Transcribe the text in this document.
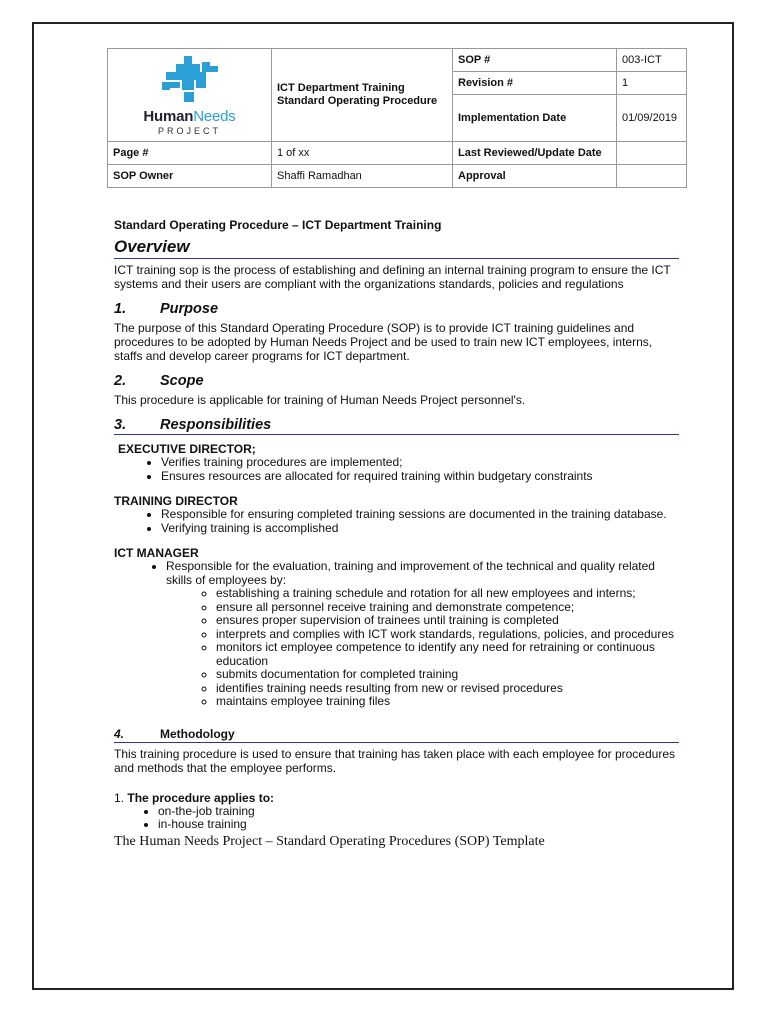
HumanNeeds
PROJECT	ICT Department Training Standard Operating Procedure	SOP #	003-ICT
		Revision #	1
		Implementation Date	01/09/2019
Page #	1 of xx	Last Reviewed/Update Date	
SOP Owner	Shaffi Ramadhan	Approval	

Standard Operating Procedure – ICT Department Training

Overview

ICT training sop is the process of establishing and defining an internal training program to ensure the ICT systems and their users are compliant with the organizations standards, policies and regulations

1.	Purpose

The purpose of this Standard Operating Procedure (SOP) is to provide ICT training guidelines and procedures to be adopted by Human Needs Project and be used to train new ICT employees, interns, staffs and develop career programs for ICT department.

2.	Scope

This procedure is applicable for training of Human Needs Project personnel's.

3.	Responsibilities

EXECUTIVE DIRECTOR;

• Verifies training procedures are implemented;
• Ensures resources are allocated for required training within budgetary constraints

TRAINING DIRECTOR

• Responsible for ensuring completed training sessions are documented in the training database.
• Verifying training is accomplished

ICT MANAGER

• Responsible for the evaluation, training and improvement of the technical and quality related skills of employees by:
◦ establishing a training schedule and rotation for all new employees and interns;
◦ ensure all personnel receive training and demonstrate competence;
◦ ensures proper supervision of trainees until training is completed
◦ interprets and complies with ICT work standards, regulations, policies, and procedures
◦ monitors ict employee competence to identify any need for retraining or continuous education
◦ submits documentation for completed training
◦ identifies training needs resulting from new or revised procedures
◦ maintains employee training files
4.	Methodology

This training procedure is used to ensure that training has taken place with each employee for procedures and methods that the employee performs.

1. The procedure applies to:

• on-the-job training
• in-house training

The Human Needs Project – Standard Operating Procedures (SOP) Template
